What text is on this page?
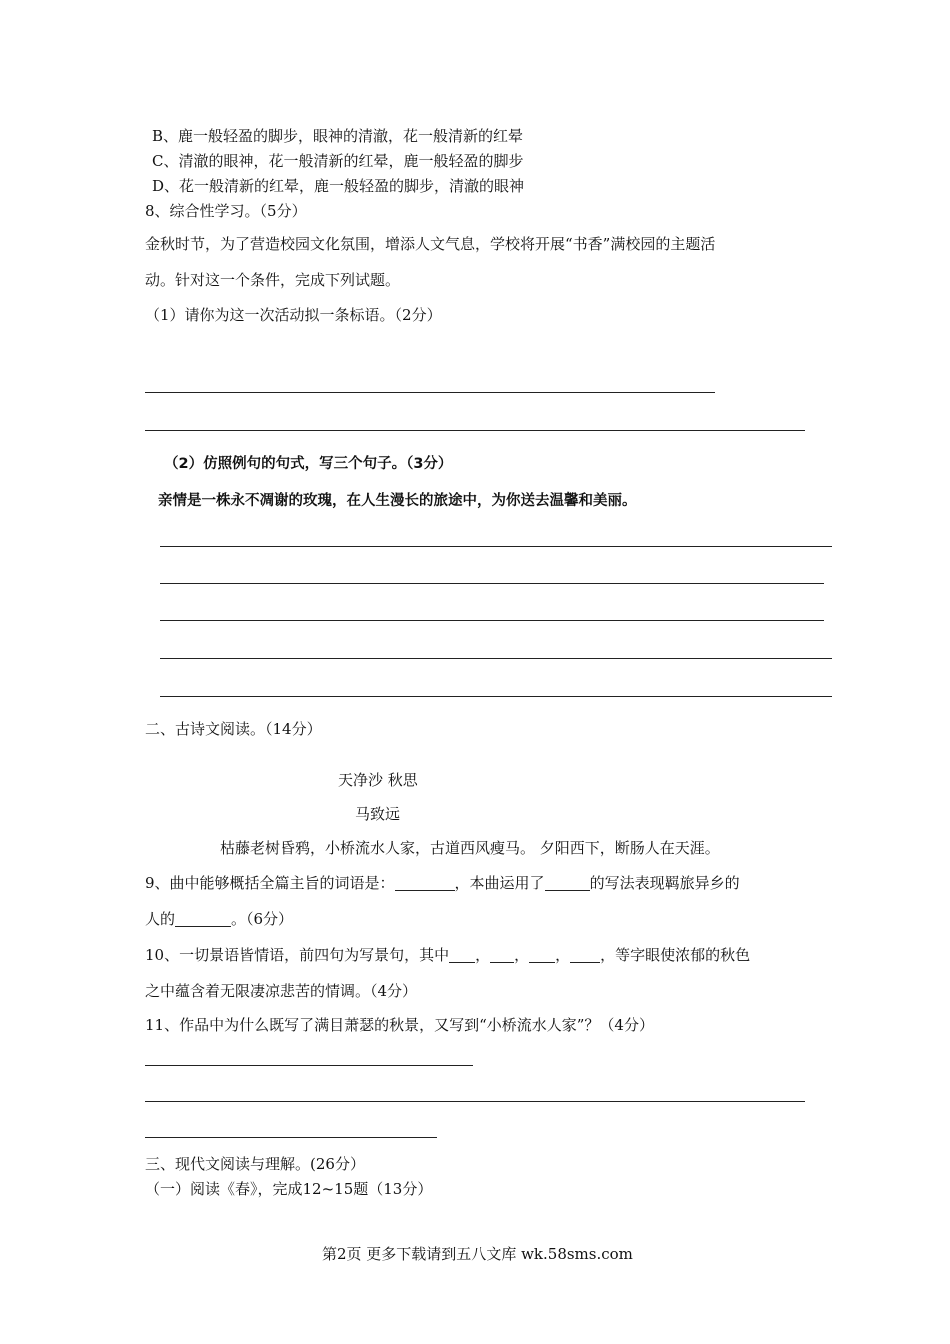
B、鹿一般轻盈的脚步，眼神的清澈，花一般清新的红晕
C、清澈的眼神，花一般清新的红晕，鹿一般轻盈的脚步
D、花一般清新的红晕，鹿一般轻盈的脚步，清澈的眼神
8、综合性学习。（5分）
金秋时节，为了营造校园文化氛围，增添人文气息，学校将开展“书香”满校园的主题活
动。针对这一个条件，完成下列试题。
（1）请你为这一次活动拟一条标语。（2分）
（2）仿照例句的句式，写三个句子。（3分）
亲情是一株永不凋谢的玫瑰，在人生漫长的旅途中，为你送去温馨和美丽。
二、古诗文阅读。（14分）
天净沙 秋思
马致远
枯藤老树昏鸦，小桥流水人家，古道西风瘦马。 夕阳西下，断肠人在天涯。
9、曲中能够概括全篇主旨的词语是：	，本曲运用了	的写法表现羁旅异乡的
人的	。（6分）
10、一切景语皆情语，前四句为写景句，其中 ， ， ， ，等字眼使浓郁的秋色
之中蕴含着无限凄凉悲苦的情调。（4分）
11、作品中为什么既写了满目萧瑟的秋景，又写到“小桥流水人家”？（4分）
三、现代文阅读与理解。(26分）
（一）阅读《春》，完成12~15题（13分）
第2页 更多下载请到五八文库 wk.58sms.com
